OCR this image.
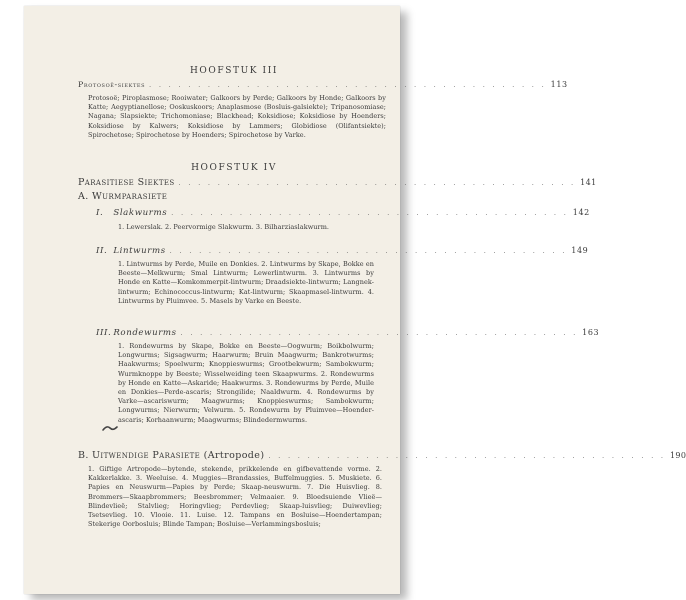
HOOFSTUK III
Protosoë-siektes . . . . . . . . . . . . . . . . . . . . . . . . . . . . . . . . . . . . . . . . . 113
Protosoë; Piroplasmose; Rooiwater; Galkoors by Perde; Galkoors by Honde; Galkoors by Katte; Aegyptianellose; Ooskuskoors; Anaplasmose (Bosluis-galsiekte); Tripanosomiase; Nagana; Slapsiekte; Trichomoniase; Blackhead; Koksidiose; Koksidiose by Hoenders; Koksidiose by Kalwers; Koksidiose by Lammers; Globidiose (Olifantsiekte); Spirochetose; Spirochetose by Hoenders; Spirochetose by Varke.
HOOFSTUK IV
Parasitiese Siektes . . . . . . . . . . . . . . . . . . . . . . . . . . . . . . . . . . . . . . . . . 141
A. Wurmparasiete
I. Slakwurms . . . . . . . . . . . . . . . . . . . . . . . . . . . . . . . . . . . . . . . . . 142
1. Lewerslak. 2. Peervormige Slakwurm. 3. Bilharziaslakwurm.
II. Lintwurms . . . . . . . . . . . . . . . . . . . . . . . . . . . . . . . . . . . . . . . . . 149
1. Lintwurms by Perde, Muile en Donkies. 2. Lintwurms by Skape, Bokke en Beeste—Melkwurm; Smal Lintwurm; Lewerlintwurm. 3. Lintwurms by Honde en Katte—Komkommerpit-lintwurm; Draadsiekte-lintwurm; Langnek-lintwurm; Echinococcus-lintwurm; Kat-lintwurm; Skaapmasel-lintwurm. 4. Lintwurms by Pluimvee. 5. Masels by Varke en Beeste.
III. Rondewurms . . . . . . . . . . . . . . . . . . . . . . . . . . . . . . . . . . . . . . . . . 163
1. Rondewurms by Skape, Bokke en Beeste—Oogwurm; Boikbolwurm; Longwurms; Sigsagwurm; Haarwurm; Bruin Maagwurm; Bankrotwurms; Haakwurms; Spoelwurm; Knoppieswurms; Grootbekwurm; Sambokwurm; Wurmknoppe by Beeste; Wisselweiding teen Skaapwurms. 2. Rondewurms by Honde en Katte—Askaride; Haakwurms. 3. Rondewurms by Perde, Muile en Donkies—Perde-ascaris; Strongilide; Naaldwurm. 4. Rondewurms by Varke—ascariswurm; Maagwurms; Knoppieswurms; Sambokwurm; Longwurms; Nierwurm; Velwurm. 5. Rondewurm by Pluimvee—Hoender-ascaris; Korhaanwurm; Maagwurms; Blindedermwurms.
B. Uitwendige Parasiete (Artropode) . . . . . . . . . . . . . . . . . . . . . . . . . . . . . . . . . . . . . . . . . 190
1. Giftige Artropode—bytende, stekende, prikkelende en gifbevattende vorme. 2. Kakkerlakke. 3. Weeluise. 4. Muggies—Brandassies, Buffelmuggies. 5. Muskiete. 6. Papies en Neuswurm—Papies by Perde; Skaap-neuswurm. 7. Die Huisvlieg. 8. Brommers—Skaapbrommers; Beesbrommer; Velmaaier. 9. Bloedsuiende Vlieë—Blindevlieë; Stalvlieg; Horingvlieg; Perdevlieg; Skaap-luisvlieg; Duiwevlieg; Tsetsevlieg. 10. Vlooie. 11. Luise. 12. Tampans en Bosluise—Hoendertampan; Stekerige Oorbosluis; Blinde Tampan; Bosluise—Verlammingsbosluis;
